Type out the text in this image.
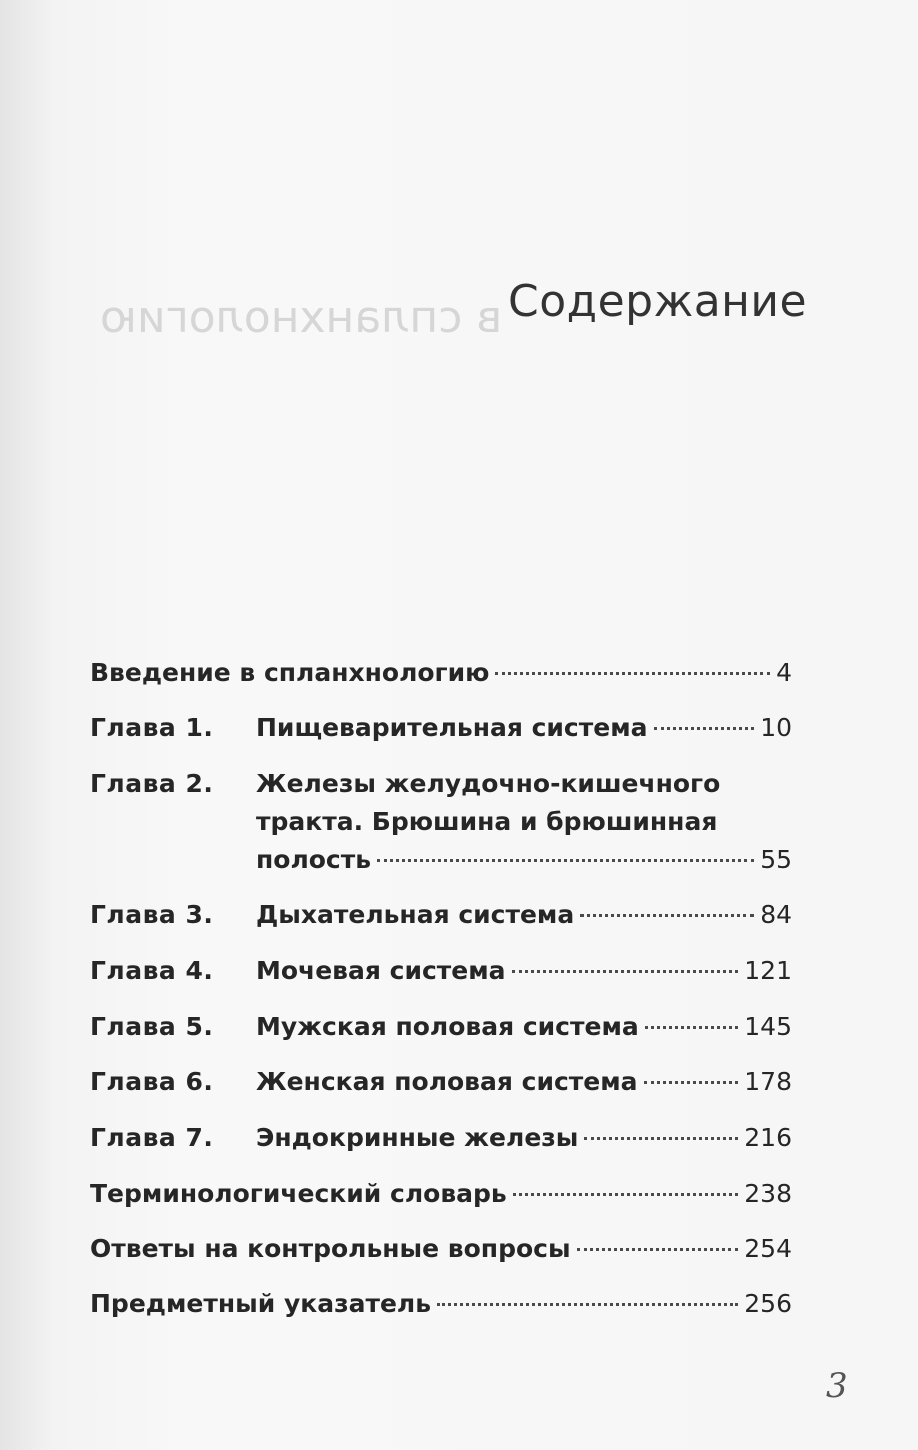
в спланхнологию Содержание
Введение в спланхнологию	4
Глава 1.	Пищеварительная система	10
Глава 2.	Железы желудочно-кишечного
тракта. Брюшина и брюшинная
полость	55
Глава 3.	Дыхательная система	84
Глава 4.	Мочевая система	121
Глава 5.	Мужская половая система	145
Глава 6.	Женская половая система	178
Глава 7.	Эндокринные железы	216
Терминологический словарь	238
Ответы на контрольные вопросы	254
Предметный указатель	256
3
